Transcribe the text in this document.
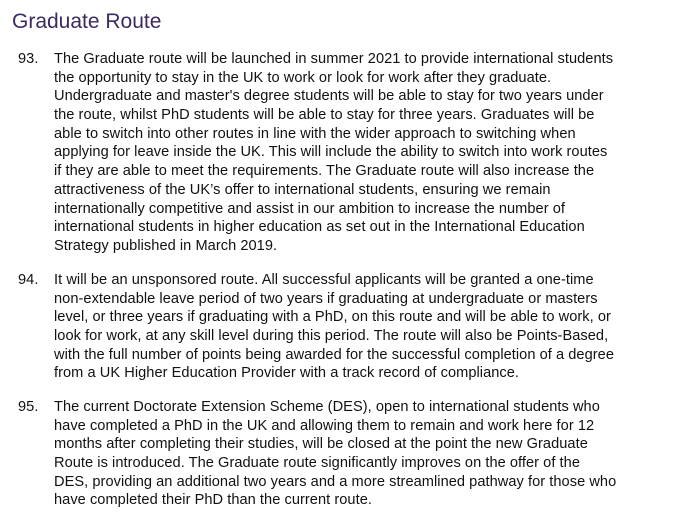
Graduate Route
93.	The Graduate route will be launched in summer 2021 to provide international students
the opportunity to stay in the UK to work or look for work after they graduate.
Undergraduate and master's degree students will be able to stay for two years under
the route, whilst PhD students will be able to stay for three years. Graduates will be
able to switch into other routes in line with the wider approach to switching when
applying for leave inside the UK. This will include the ability to switch into work routes
if they are able to meet the requirements. The Graduate route will also increase the
attractiveness of the UK’s offer to international students, ensuring we remain
internationally competitive and assist in our ambition to increase the number of
international students in higher education as set out in the International Education
Strategy published in March 2019.
94.	It will be an unsponsored route. All successful applicants will be granted a one-time
non-extendable leave period of two years if graduating at undergraduate or masters
level, or three years if graduating with a PhD, on this route and will be able to work, or
look for work, at any skill level during this period. The route will also be Points-Based,
with the full number of points being awarded for the successful completion of a degree
from a UK Higher Education Provider with a track record of compliance.
95.	The current Doctorate Extension Scheme (DES), open to international students who
have completed a PhD in the UK and allowing them to remain and work here for 12
months after completing their studies, will be closed at the point the new Graduate
Route is introduced. The Graduate route significantly improves on the offer of the
DES, providing an additional two years and a more streamlined pathway for those who
have completed their PhD than the current route.
